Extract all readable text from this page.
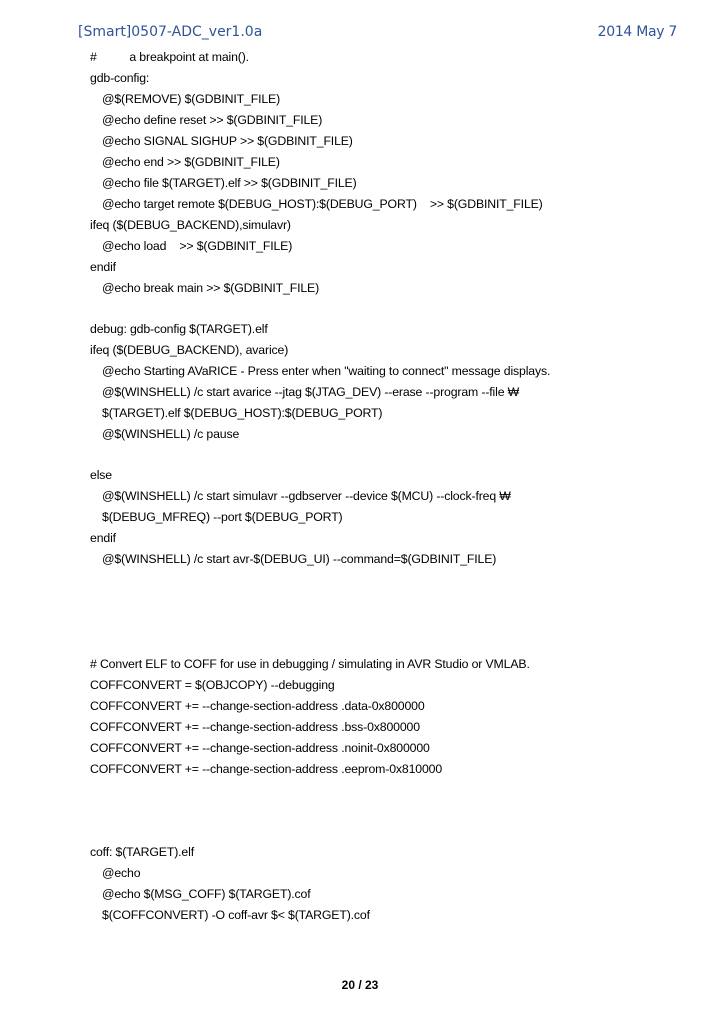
[Smart]0507-ADC_ver1.0a	2014 May 7
#          a breakpoint at main().
gdb-config:
@$(REMOVE) $(GDBINIT_FILE)
@echo define reset >> $(GDBINIT_FILE)
@echo SIGNAL SIGHUP >> $(GDBINIT_FILE)
@echo end >> $(GDBINIT_FILE)
@echo file $(TARGET).elf >> $(GDBINIT_FILE)
@echo target remote $(DEBUG_HOST):$(DEBUG_PORT)    >> $(GDBINIT_FILE)
ifeq ($(DEBUG_BACKEND),simulavr)
@echo load    >> $(GDBINIT_FILE)
endif
@echo break main >> $(GDBINIT_FILE)
debug: gdb-config $(TARGET).elf
ifeq ($(DEBUG_BACKEND), avarice)
@echo Starting AVaRICE - Press enter when "waiting to connect" message displays.
@$(WINSHELL) /c start avarice --jtag $(JTAG_DEV) --erase --program --file ₩
$(TARGET).elf $(DEBUG_HOST):$(DEBUG_PORT)
@$(WINSHELL) /c pause
else
@$(WINSHELL) /c start simulavr --gdbserver --device $(MCU) --clock-freq ₩
$(DEBUG_MFREQ) --port $(DEBUG_PORT)
endif
@$(WINSHELL) /c start avr-$(DEBUG_UI) --command=$(GDBINIT_FILE)
# Convert ELF to COFF for use in debugging / simulating in AVR Studio or VMLAB.
COFFCONVERT = $(OBJCOPY) --debugging
COFFCONVERT += --change-section-address .data-0x800000
COFFCONVERT += --change-section-address .bss-0x800000
COFFCONVERT += --change-section-address .noinit-0x800000
COFFCONVERT += --change-section-address .eeprom-0x810000
coff: $(TARGET).elf
@echo
@echo $(MSG_COFF) $(TARGET).cof
$(COFFCONVERT) -O coff-avr $< $(TARGET).cof
20 / 23
